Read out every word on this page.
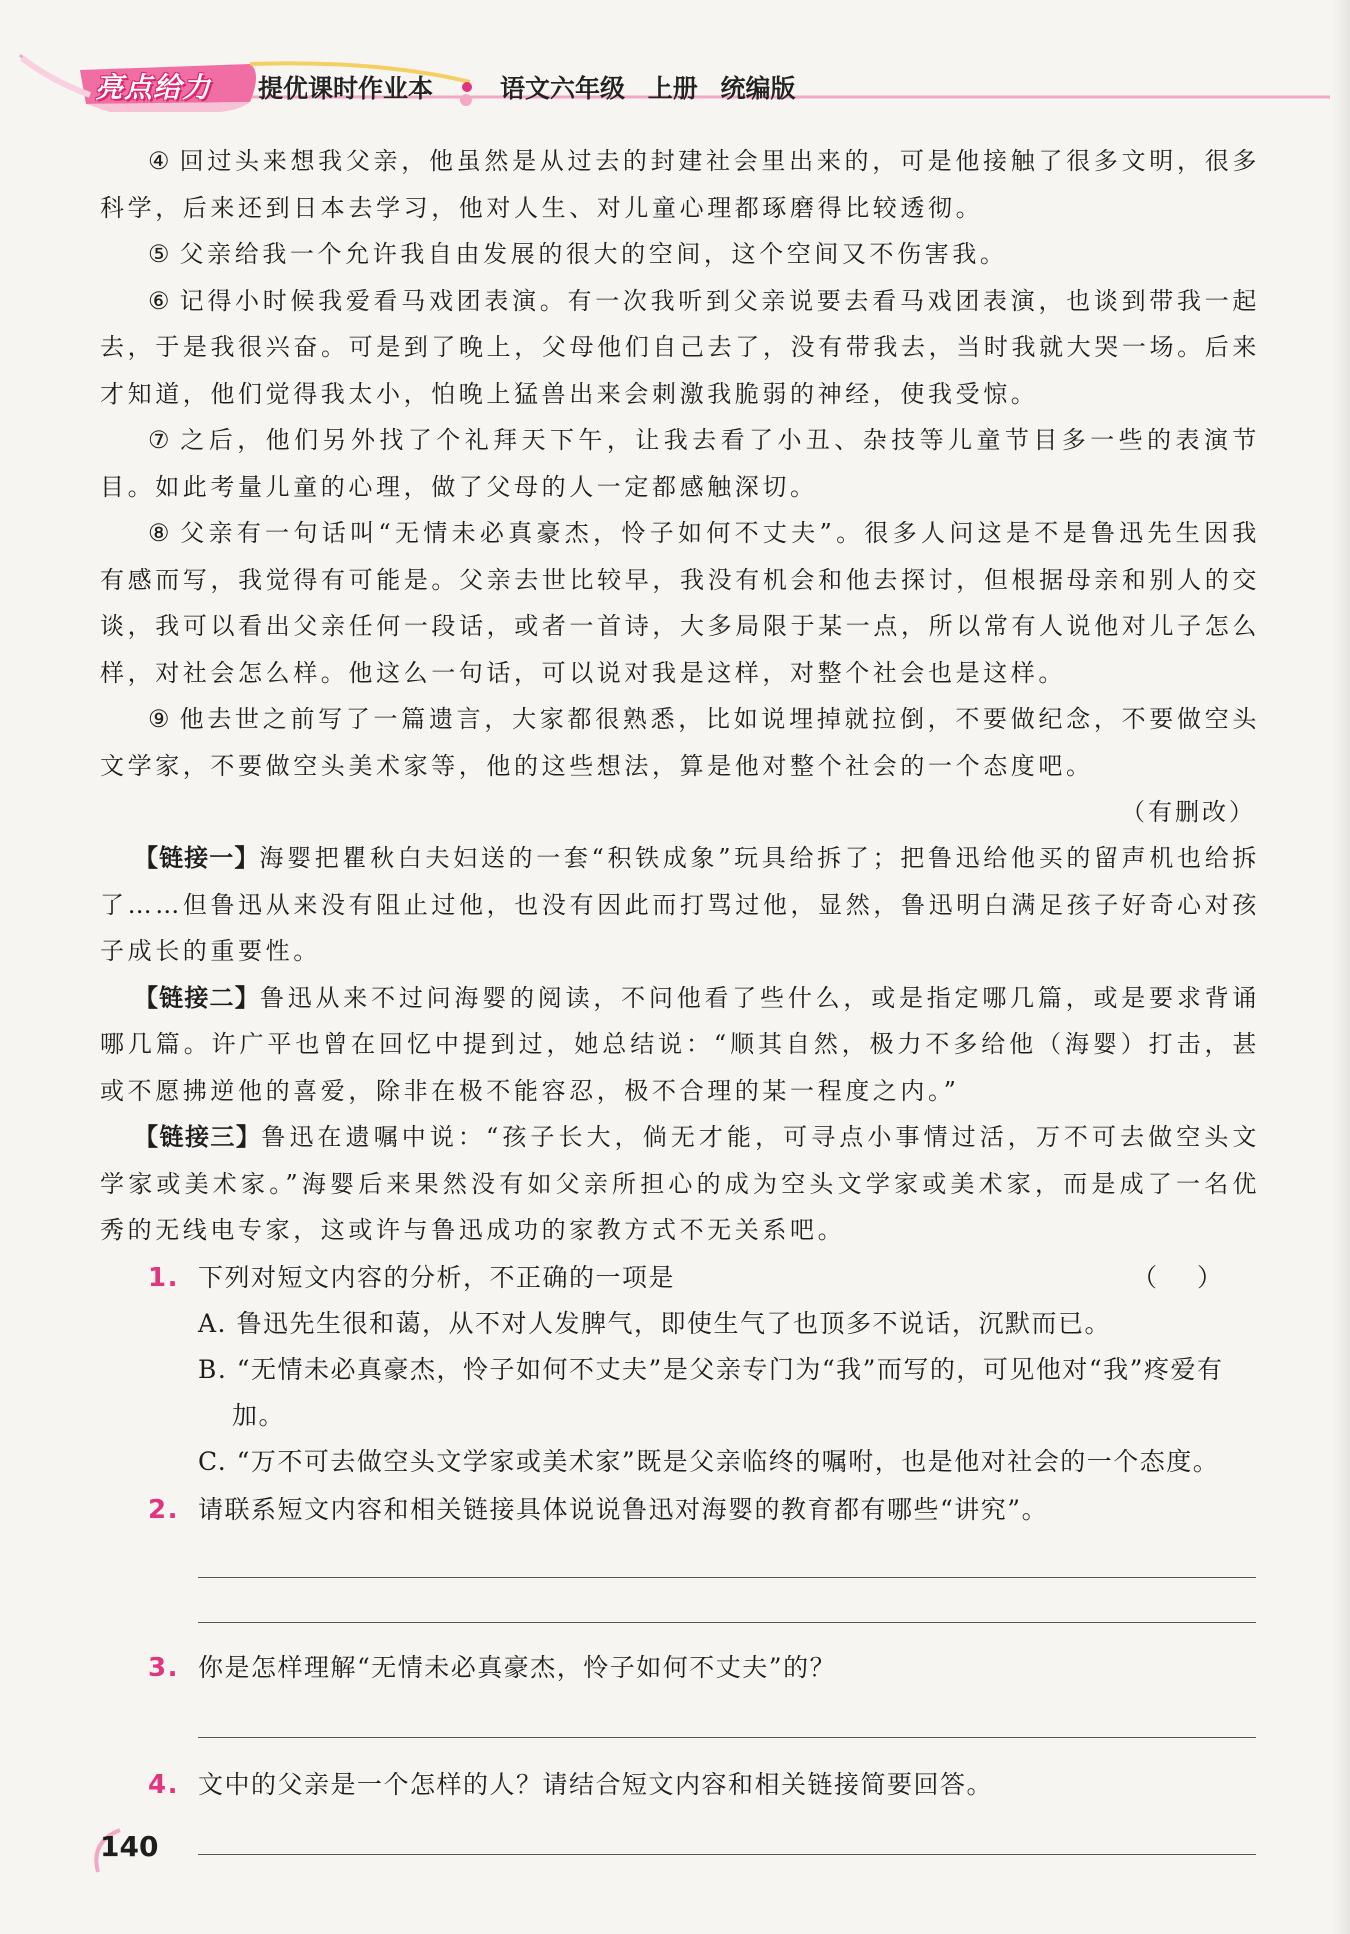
亮点给力 提优课时作业本	语文六年级 上册 统编版

④ 回过头来想我父亲，他虽然是从过去的封建社会里出来的，可是他接触了很多文明，很多科学，后来还到日本去学习，他对人生、对儿童心理都琢磨得比较透彻。

⑤ 父亲给我一个允许我自由发展的很大的空间，这个空间又不伤害我。

⑥ 记得小时候我爱看马戏团表演。有一次我听到父亲说要去看马戏团表演，也谈到带我一起去，于是我很兴奋。可是到了晚上，父母他们自己去了，没有带我去，当时我就大哭一场。后来才知道，他们觉得我太小，怕晚上猛兽出来会刺激我脆弱的神经，使我受惊。

⑦ 之后，他们另外找了个礼拜天下午，让我去看了小丑、杂技等儿童节目多一些的表演节目。如此考量儿童的心理，做了父母的人一定都感触深切。

⑧ 父亲有一句话叫“无情未必真豪杰，怜子如何不丈夫”。很多人问这是不是鲁迅先生因我有感而写，我觉得有可能是。父亲去世比较早，我没有机会和他去探讨，但根据母亲和别人的交谈，我可以看出父亲任何一段话，或者一首诗，大多局限于某一点，所以常有人说他对儿子怎么样，对社会怎么样。他这么一句话，可以说对我是这样，对整个社会也是这样。

⑨ 他去世之前写了一篇遗言，大家都很熟悉，比如说埋掉就拉倒，不要做纪念，不要做空头文学家，不要做空头美术家等，他的这些想法，算是他对整个社会的一个态度吧。

（有删改）

【链接一】海婴把瞿秋白夫妇送的一套“积铁成象”玩具给拆了；把鲁迅给他买的留声机也给拆了……但鲁迅从来没有阻止过他，也没有因此而打骂过他，显然，鲁迅明白满足孩子好奇心对孩子成长的重要性。

【链接二】鲁迅从来不过问海婴的阅读，不问他看了些什么，或是指定哪几篇，或是要求背诵哪几篇。许广平也曾在回忆中提到过，她总结说：“顺其自然，极力不多给他（海婴）打击，甚或不愿拂逆他的喜爱，除非在极不能容忍，极不合理的某一程度之内。”

【链接三】鲁迅在遗嘱中说：“孩子长大，倘无才能，可寻点小事情过活，万不可去做空头文学家或美术家。”海婴后来果然没有如父亲所担心的成为空头文学家或美术家，而是成了一名优秀的无线电专家，这或许与鲁迅成功的家教方式不无关系吧。

1. 下列对短文内容的分析，不正确的一项是	（）
A. 鲁迅先生很和蔼，从不对人发脾气，即使生气了也顶多不说话，沉默而已。
B. “无情未必真豪杰，怜子如何不丈夫”是父亲专门为“我”而写的，可见他对“我”疼爱有加。
C. “万不可去做空头文学家或美术家”既是父亲临终的嘱咐，也是他对社会的一个态度。
2. 请联系短文内容和相关链接具体说说鲁迅对海婴的教育都有哪些“讲究”。
3. 你是怎样理解“无情未必真豪杰，怜子如何不丈夫”的？
4. 文中的父亲是一个怎样的人？请结合短文内容和相关链接简要回答。
140
